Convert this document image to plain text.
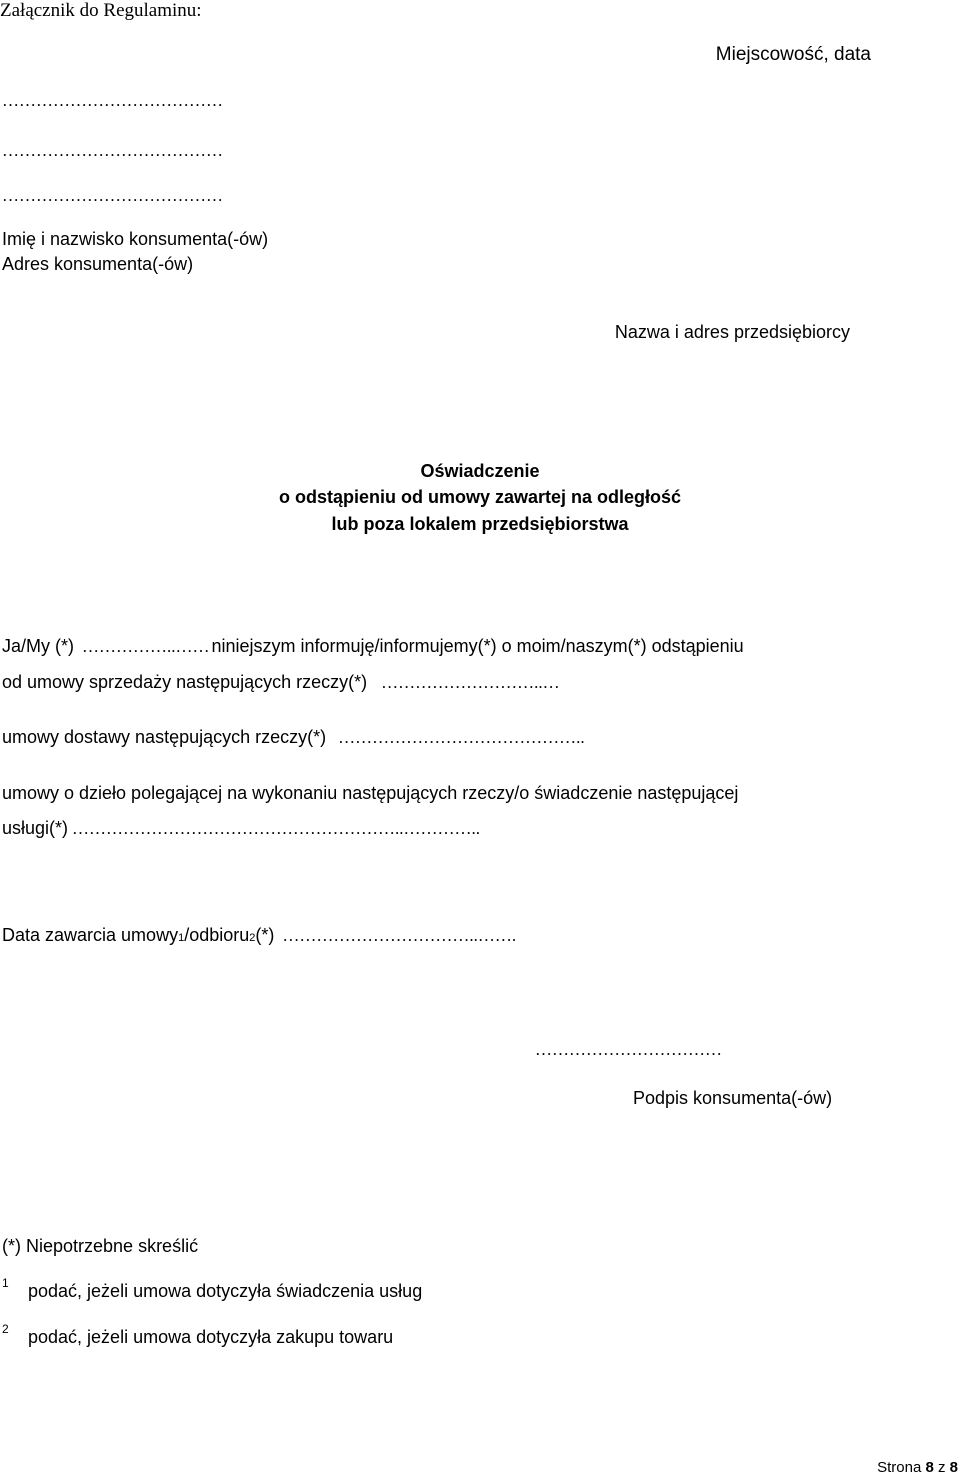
Załącznik do Regulaminu:
Miejscowość, data
…………………………………
…………………………………
…………………………………
Imię i nazwisko konsumenta(-ów)
Adres konsumenta(-ów)
Nazwa i adres przedsiębiorcy
Oświadczenie
o odstąpieniu od umowy zawartej na odległość
lub poza lokalem przedsiębiorstwa
Ja/My (*) ……………..…… niniejszym informuję/informujemy(*) o moim/naszym(*) odstąpieniu
od umowy sprzedaży następujących rzeczy(*) ………………………..…
umowy dostawy następujących rzeczy(*) ……………………………………..
umowy o dzieło polegającej na wykonaniu następujących rzeczy/o świadczenie następującej
usługi(*) …………………………………………………..…………..
Data zawarcia umowy 1 /odbioru 2 (*) ……………………………..…….
……………………………
Podpis konsumenta(-ów)
(*) Niepotrzebne skreślić
1 podać, jeżeli umowa dotyczyła świadczenia usług
2 podać, jeżeli umowa dotyczyła zakupu towaru
Strona 8 z 8
